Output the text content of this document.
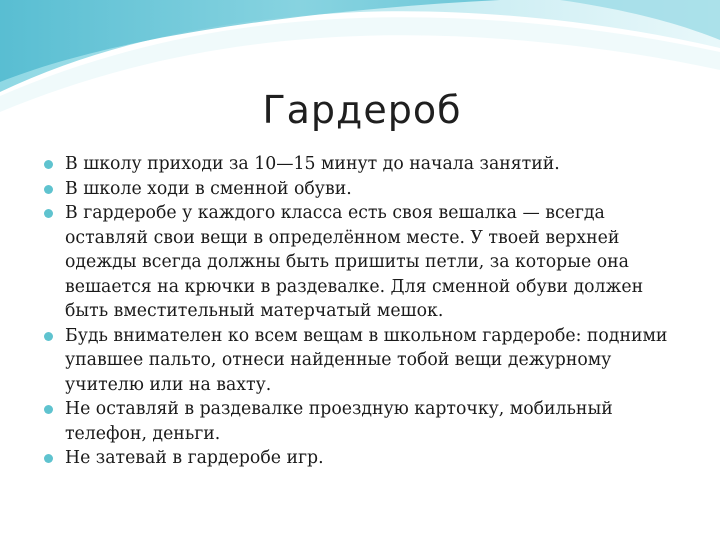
Гардероб
В школу приходи за 10—15 минут до начала занятий.
В школе ходи в сменной обуви.
В гардеробе у каждого класса есть своя вешалка — всегда оставляй свои вещи в определённом месте. У твоей верхней одежды всегда должны быть пришиты петли, за которые она вешается на крючки в раздевалке. Для сменной обуви должен быть вместительный матерчатый мешок.
Будь внимателен ко всем вещам в школьном гардеробе: подними упавшее пальто, отнеси найденные тобой вещи дежурному учителю или на вахту.
Не оставляй в раздевалке проездную карточку, мобильный телефон, деньги.
Не затевай в гардеробе игр.
